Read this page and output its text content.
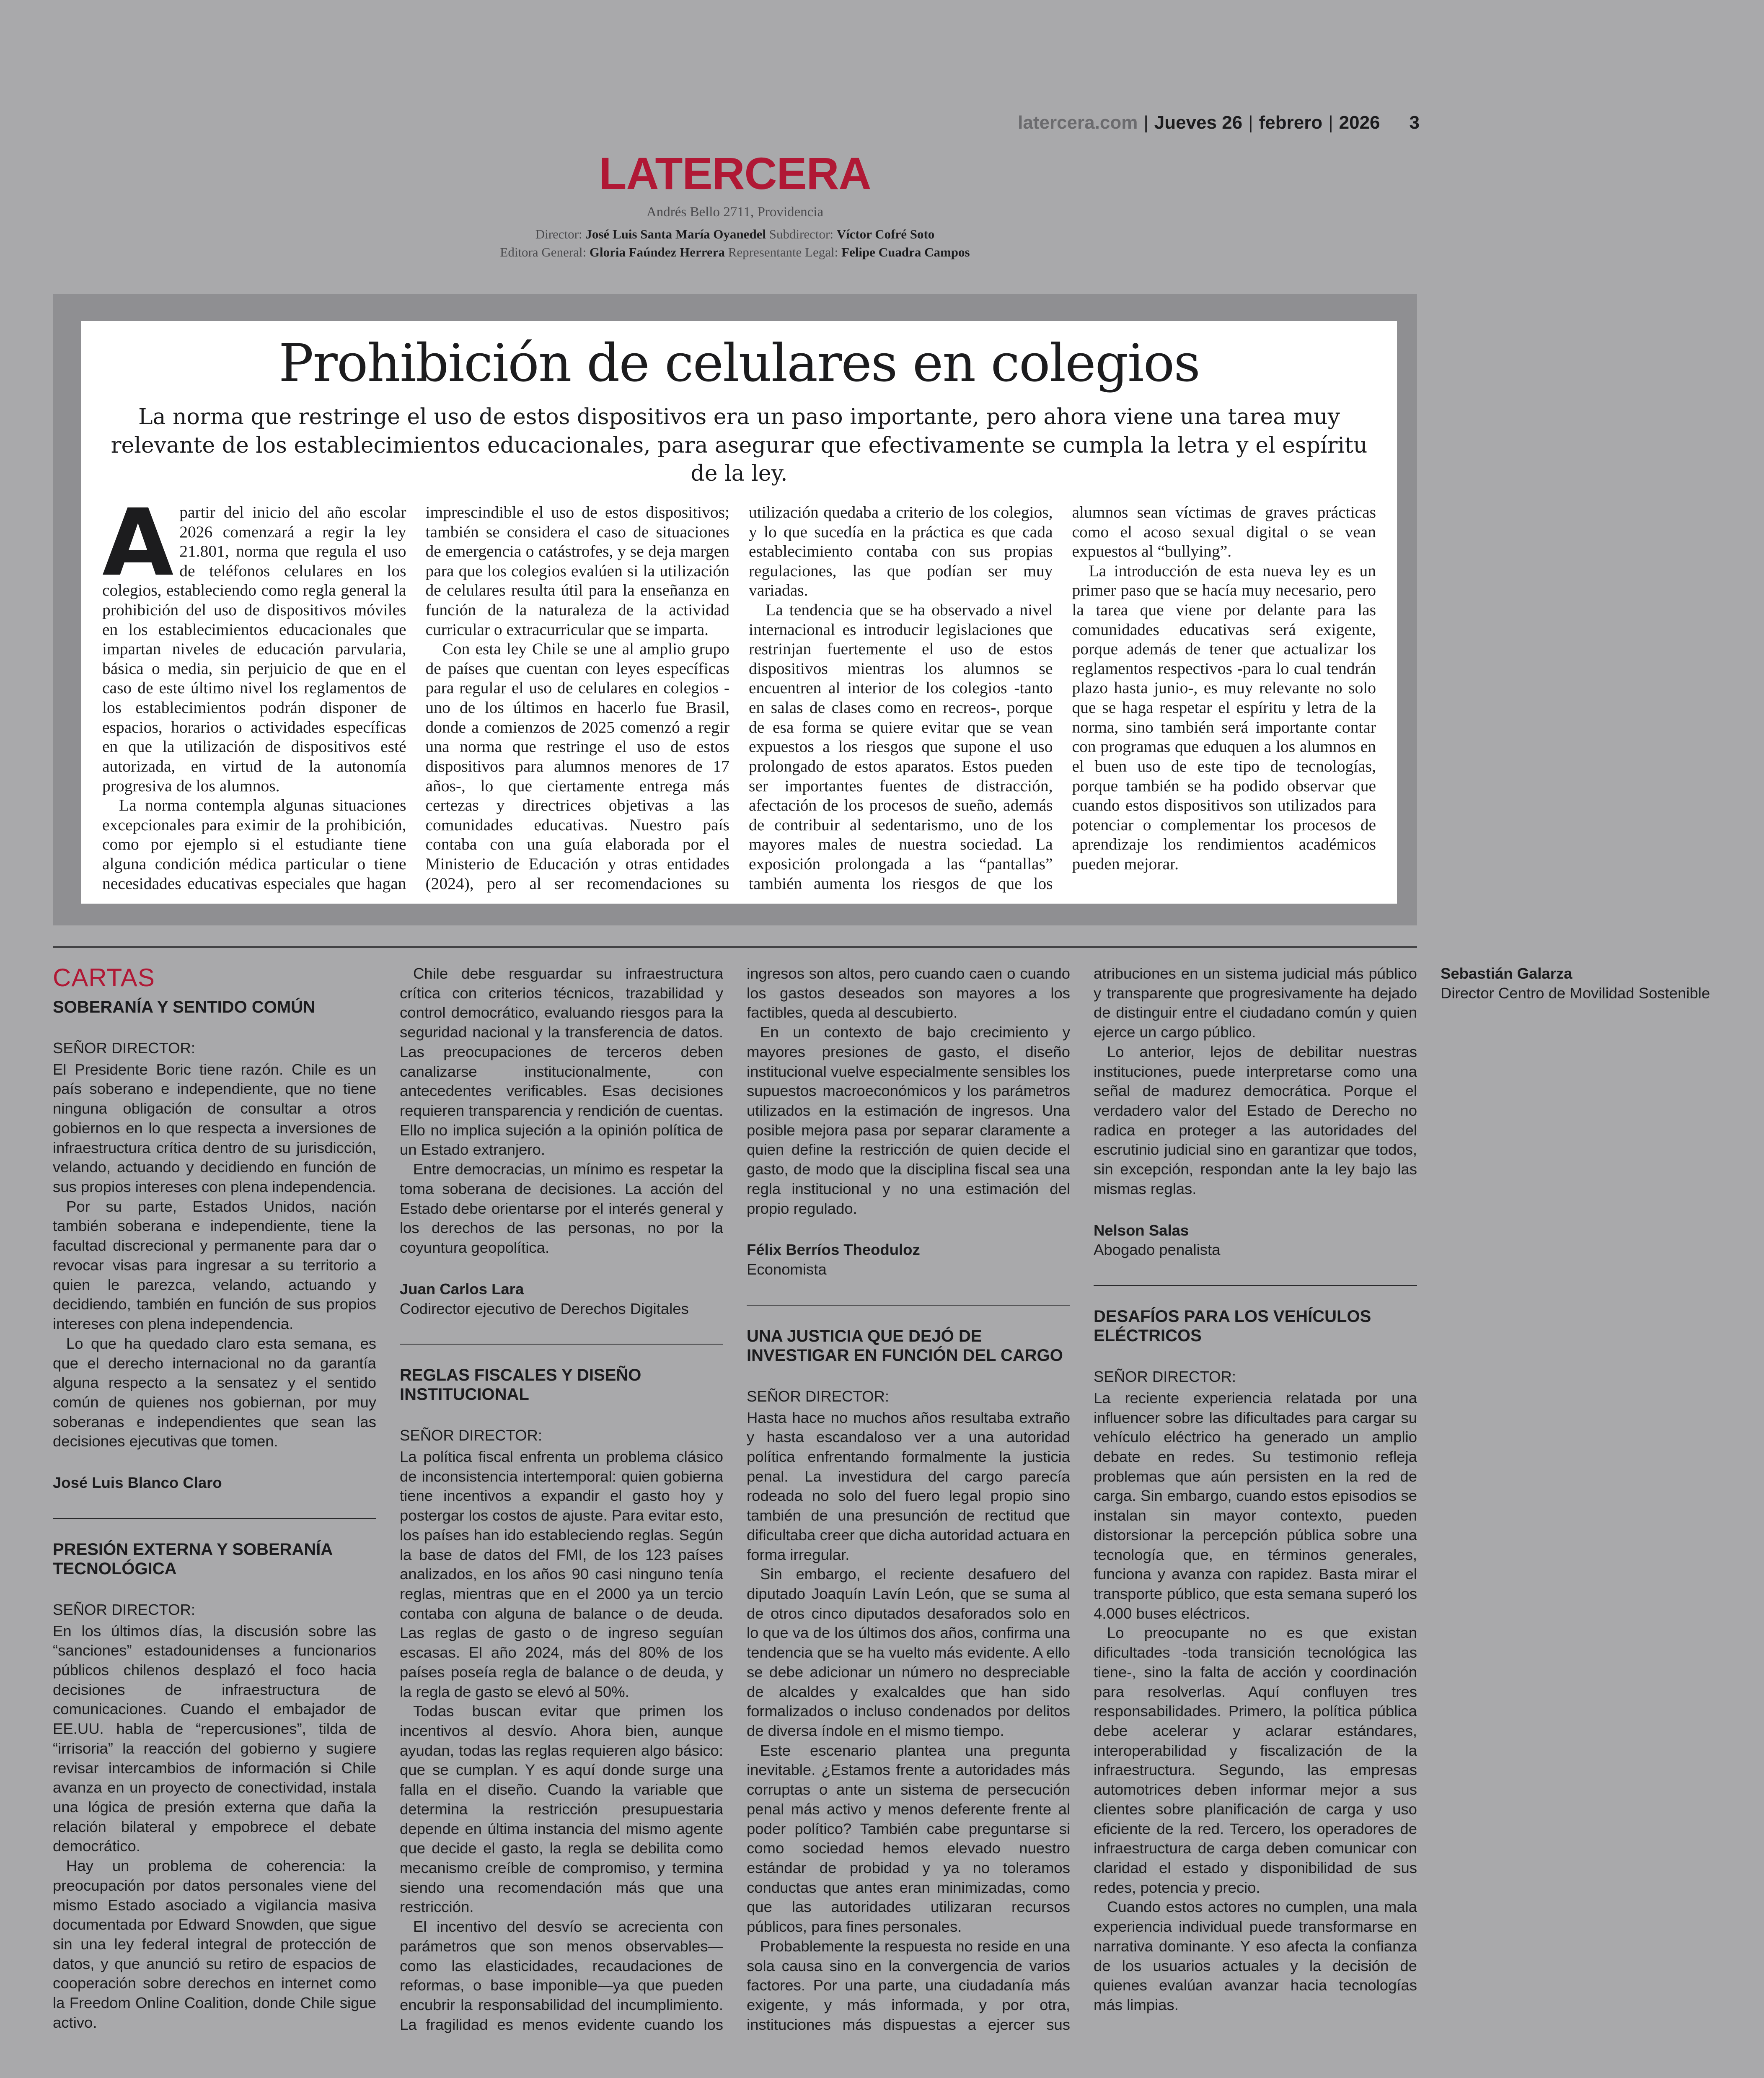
latercera.com | Jueves 26 | febrero | 2026 3
LATERCERA
Andrés Bello 2711, Providencia
Director: José Luis Santa María Oyanedel Subdirector: Víctor Cofré Soto
Editora General: Gloria Faúndez Herrera Representante Legal: Felipe Cuadra Campos
Prohibición de celulares en colegios
La norma que restringe el uso de estos dispositivos era un paso importante, pero ahora viene una tarea muy relevante de los establecimientos educacionales, para asegurar que efectivamente se cumpla la letra y el espíritu de la ley.

Apartir del inicio del año escolar 2026 comenzará a regir la ley 21.801, norma que regula el uso de teléfonos celulares en los colegios, estableciendo como regla general la prohibición del uso de dispositivos móviles en los establecimientos educacionales que impartan niveles de educación parvularia, básica o media, sin perjuicio de que en el caso de este último nivel los reglamentos de los establecimientos podrán disponer de espacios, horarios o actividades específicas en que la utilización de dispositivos esté autorizada, en virtud de la autonomía progresiva de los alumnos.

La norma contempla algunas situaciones excepcionales para eximir de la prohibición, como por ejemplo si el estudiante tiene alguna condición médica particular o tiene necesidades educativas especiales que hagan imprescindible el uso de estos dispositivos; también se considera el caso de situaciones de emergencia o catástrofes, y se deja margen para que los colegios evalúen si la utilización de celulares resulta útil para la enseñanza en función de la naturaleza de la actividad curricular o extracurricular que se imparta.

Con esta ley Chile se une al amplio grupo de países que cuentan con leyes específicas para regular el uso de celulares en colegios -uno de los últimos en hacerlo fue Brasil, donde a comienzos de 2025 comenzó a regir una norma que restringe el uso de estos dispositivos para alumnos menores de 17 años-, lo que ciertamente entrega más certezas y directrices objetivas a las comunidades educativas. Nuestro país contaba con una guía elaborada por el Ministerio de Educación y otras entidades (2024), pero al ser recomendaciones su utilización quedaba a criterio de los colegios, y lo que sucedía en la práctica es que cada establecimiento contaba con sus propias regulaciones, las que podían ser muy variadas.

La tendencia que se ha observado a nivel internacional es introducir legislaciones que restrinjan fuertemente el uso de estos dispositivos mientras los alumnos se encuentren al interior de los colegios -tanto en salas de clases como en recreos-, porque de esa forma se quiere evitar que se vean expuestos a los riesgos que supone el uso prolongado de estos aparatos. Estos pueden ser importantes fuentes de distracción, afectación de los procesos de sueño, además de contribuir al sedentarismo, uno de los mayores males de nuestra sociedad. La exposición prolongada a las “pantallas” también aumenta los riesgos de que los alumnos sean víctimas de graves prácticas como el acoso sexual digital o se vean expuestos al “bullying”.

La introducción de esta nueva ley es un primer paso que se hacía muy necesario, pero la tarea que viene por delante para las comunidades educativas será exigente, porque además de tener que actualizar los reglamentos respectivos -para lo cual tendrán plazo hasta junio-, es muy relevante no solo que se haga respetar el espíritu y letra de la norma, sino también será importante contar con programas que eduquen a los alumnos en el buen uso de este tipo de tecnologías, porque también se ha podido observar que cuando estos dispositivos son utilizados para potenciar o complementar los procesos de aprendizaje los rendimientos académicos pueden mejorar.

CARTAS
SOBERANÍA Y SENTIDO COMÚN
SEÑOR DIRECTOR:

El Presidente Boric tiene razón. Chile es un país soberano e independiente, que no tiene ninguna obligación de consultar a otros gobiernos en lo que respecta a inversiones de infraestructura crítica dentro de su jurisdicción, velando, actuando y decidiendo en función de sus propios intereses con plena independencia.

Por su parte, Estados Unidos, nación también soberana e independiente, tiene la facultad discrecional y permanente para dar o revocar visas para ingresar a su territorio a quien le parezca, velando, actuando y decidiendo, también en función de sus propios intereses con plena independencia.

Lo que ha quedado claro esta semana, es que el derecho internacional no da garantía alguna respecto a la sensatez y el sentido común de quienes nos gobiernan, por muy soberanas e independientes que sean las decisiones ejecutivas que tomen.

José Luis Blanco Claro
PRESIÓN EXTERNA Y SOBERANÍA TECNOLÓGICA
SEÑOR DIRECTOR:

En los últimos días, la discusión sobre las “sanciones” estadounidenses a funcionarios públicos chilenos desplazó el foco hacia decisiones de infraestructura de comunicaciones. Cuando el embajador de EE.UU. habla de “repercusiones”, tilda de “irrisoria” la reacción del gobierno y sugiere revisar intercambios de información si Chile avanza en un proyecto de conectividad, instala una lógica de presión externa que daña la relación bilateral y empobrece el debate democrático.

Hay un problema de coherencia: la preocupación por datos personales viene del mismo Estado asociado a vigilancia masiva documentada por Edward Snowden, que sigue sin una ley federal integral de protección de datos, y que anunció su retiro de espacios de cooperación sobre derechos en internet como la Freedom Online Coalition, donde Chile sigue activo.

Chile debe resguardar su infraestructura crítica con criterios técnicos, trazabilidad y control democrático, evaluando riesgos para la seguridad nacional y la transferencia de datos. Las preocupaciones de terceros deben canalizarse institucionalmente, con antecedentes verificables. Esas decisiones requieren transparencia y rendición de cuentas. Ello no implica sujeción a la opinión política de un Estado extranjero.

Entre democracias, un mínimo es respetar la toma soberana de decisiones. La acción del Estado debe orientarse por el interés general y los derechos de las personas, no por la coyuntura geopolítica.

Juan Carlos Lara
Codirector ejecutivo de Derechos Digitales
REGLAS FISCALES Y DISEÑO INSTITUCIONAL
SEÑOR DIRECTOR:

La política fiscal enfrenta un problema clásico de inconsistencia intertemporal: quien gobierna tiene incentivos a expandir el gasto hoy y postergar los costos de ajuste. Para evitar esto, los países han ido estableciendo reglas. Según la base de datos del FMI, de los 123 países analizados, en los años 90 casi ninguno tenía reglas, mientras que en el 2000 ya un tercio contaba con alguna de balance o de deuda. Las reglas de gasto o de ingreso seguían escasas. El año 2024, más del 80% de los países poseía regla de balance o de deuda, y la regla de gasto se elevó al 50%.

Todas buscan evitar que primen los incentivos al desvío. Ahora bien, aunque ayudan, todas las reglas requieren algo básico: que se cumplan. Y es aquí donde surge una falla en el diseño. Cuando la variable que determina la restricción presupuestaria depende en última instancia del mismo agente que decide el gasto, la regla se debilita como mecanismo creíble de compromiso, y termina siendo una recomendación más que una restricción.

El incentivo del desvío se acrecienta con parámetros que son menos observables—como las elasticidades, recaudaciones de reformas, o base imponible—ya que pueden encubrir la responsabilidad del incumplimiento. La fragilidad es menos evidente cuando los ingresos son altos, pero cuando caen o cuando los gastos deseados son mayores a los factibles, queda al descubierto.

En un contexto de bajo crecimiento y mayores presiones de gasto, el diseño institucional vuelve especialmente sensibles los supuestos macroeconómicos y los parámetros utilizados en la estimación de ingresos. Una posible mejora pasa por separar claramente a quien define la restricción de quien decide el gasto, de modo que la disciplina fiscal sea una regla institucional y no una estimación del propio regulado.

Félix Berríos Theoduloz
Economista
UNA JUSTICIA QUE DEJÓ DE INVESTIGAR EN FUNCIÓN DEL CARGO
SEÑOR DIRECTOR:

Hasta hace no muchos años resultaba extraño y hasta escandaloso ver a una autoridad política enfrentando formalmente la justicia penal. La investidura del cargo parecía rodeada no solo del fuero legal propio sino también de una presunción de rectitud que dificultaba creer que dicha autoridad actuara en forma irregular.

Sin embargo, el reciente desafuero del diputado Joaquín Lavín León, que se suma al de otros cinco diputados desaforados solo en lo que va de los últimos dos años, confirma una tendencia que se ha vuelto más evidente. A ello se debe adicionar un número no despreciable de alcaldes y exalcaldes que han sido formalizados o incluso condenados por delitos de diversa índole en el mismo tiempo.

Este escenario plantea una pregunta inevitable. ¿Estamos frente a autoridades más corruptas o ante un sistema de persecución penal más activo y menos deferente frente al poder político? También cabe preguntarse si como sociedad hemos elevado nuestro estándar de probidad y ya no toleramos conductas que antes eran minimizadas, como que las autoridades utilizaran recursos públicos, para fines personales.

Probablemente la respuesta no reside en una sola causa sino en la convergencia de varios factores. Por una parte, una ciudadanía más exigente, y más informada, y por otra, instituciones más dispuestas a ejercer sus atribuciones en un sistema judicial más público y transparente que progresivamente ha dejado de distinguir entre el ciudadano común y quien ejerce un cargo público.

Lo anterior, lejos de debilitar nuestras instituciones, puede interpretarse como una señal de madurez democrática. Porque el verdadero valor del Estado de Derecho no radica en proteger a las autoridades del escrutinio judicial sino en garantizar que todos, sin excepción, respondan ante la ley bajo las mismas reglas.

Nelson Salas
Abogado penalista
DESAFÍOS PARA LOS VEHÍCULOS ELÉCTRICOS
SEÑOR DIRECTOR:

La reciente experiencia relatada por una influencer sobre las dificultades para cargar su vehículo eléctrico ha generado un amplio debate en redes. Su testimonio refleja problemas que aún persisten en la red de carga. Sin embargo, cuando estos episodios se instalan sin mayor contexto, pueden distorsionar la percepción pública sobre una tecnología que, en términos generales, funciona y avanza con rapidez. Basta mirar el transporte público, que esta semana superó los 4.000 buses eléctricos.

Lo preocupante no es que existan dificultades -toda transición tecnológica las tiene-, sino la falta de acción y coordinación para resolverlas. Aquí confluyen tres responsabilidades. Primero, la política pública debe acelerar y aclarar estándares, interoperabilidad y fiscalización de la infraestructura. Segundo, las empresas automotrices deben informar mejor a sus clientes sobre planificación de carga y uso eficiente de la red. Tercero, los operadores de infraestructura de carga deben comunicar con claridad el estado y disponibilidad de sus redes, potencia y precio.

Cuando estos actores no cumplen, una mala experiencia individual puede transformarse en narrativa dominante. Y eso afecta la confianza de los usuarios actuales y la decisión de quienes evalúan avanzar hacia tecnologías más limpias.

Sebastián Galarza
Director Centro de Movilidad Sostenible
